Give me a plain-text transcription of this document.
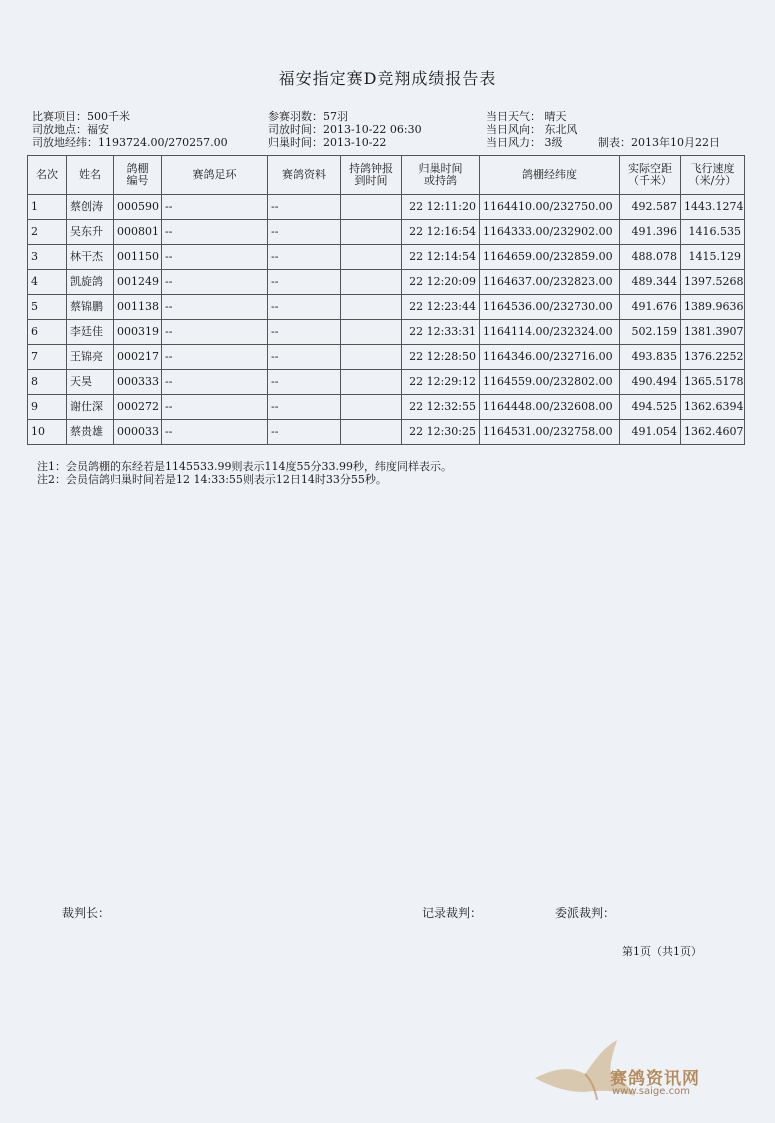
福安指定赛D竞翔成绩报告表
比赛项目：500千米
司放地点：福安
司放地经纬：1193724.00/270257.00
参赛羽数：57羽
司放时间：2013-10-22 06:30
归巢时间：2013-10-22
当日天气： 晴天
当日风向： 东北风
当日风力： 3级	制表：2013年10月22日
名次	姓名	鸽棚编号	赛鸽足环	赛鸽资料	持鸽钟报到时间	归巢时间或持鸽	鸽棚经纬度	实际空距（千米）	飞行速度（米/分）
1	蔡创涛	000590	--	--		22 12:11:20	1164410.00/232750.00	492.587	1443.1274
2	吴东升	000801	--	--		22 12:16:54	1164333.00/232902.00	491.396	1416.535
3	林干杰	001150	--	--		22 12:14:54	1164659.00/232859.00	488.078	1415.129
4	凯旋鸽	001249	--	--		22 12:20:09	1164637.00/232823.00	489.344	1397.5268
5	蔡锦鹏	001138	--	--		22 12:23:44	1164536.00/232730.00	491.676	1389.9636
6	李廷佳	000319	--	--		22 12:33:31	1164114.00/232324.00	502.159	1381.3907
7	王锦亮	000217	--	--		22 12:28:50	1164346.00/232716.00	493.835	1376.2252
8	天昊	000333	--	--		22 12:29:12	1164559.00/232802.00	490.494	1365.5178
9	谢仕深	000272	--	--		22 12:32:55	1164448.00/232608.00	494.525	1362.6394
10	蔡贵雄	000033	--	--		22 12:30:25	1164531.00/232758.00	491.054	1362.4607
注1：会员鸽棚的东经若是1145533.99则表示114度55分33.99秒，纬度同样表示。
注2：会员信鸽归巢时间若是12 14:33:55则表示12日14时33分55秒。
裁判长：	记录裁判：	委派裁判：
第1页（共1页）
赛鸽资讯网
www.saige.com
